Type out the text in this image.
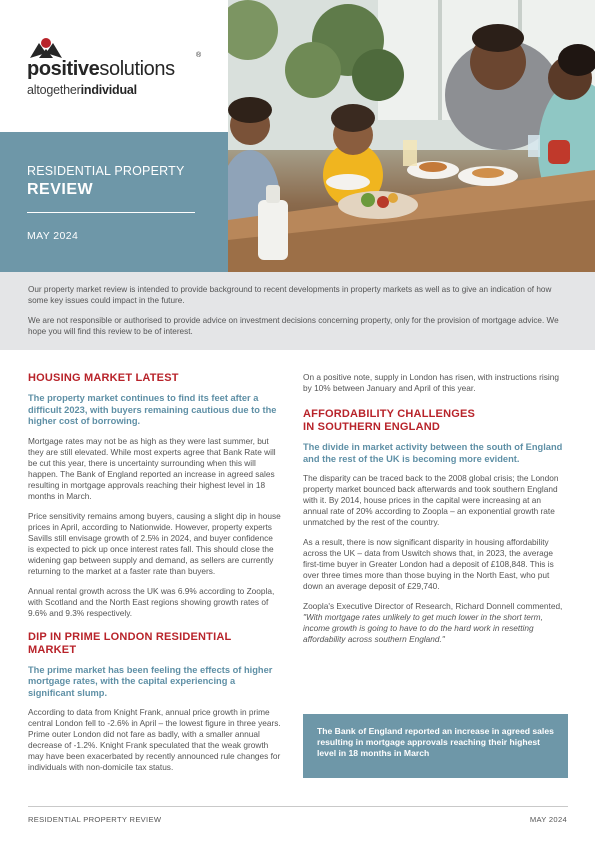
positivesolutions
®
altogetherindividual
RESIDENTIAL PROPERTY
REVIEW
MAY 2024

Our property market review is intended to provide background to recent developments in property markets as well as to give an indication of how some key issues could impact in the future.

We are not responsible or authorised to provide advice on investment decisions concerning property, only for the provision of mortgage advice. We hope you will find this review to be of interest.

HOUSING MARKET LATEST

The property market continues to find its feet after a difficult 2023, with buyers remaining cautious due to the higher cost of borrowing.

Mortgage rates may not be as high as they were last summer, but they are still elevated. While most experts agree that Bank Rate will be cut this year, there is uncertainty surrounding when this will happen. The Bank of England reported an increase in agreed sales resulting in mortgage approvals reaching their highest level in 18 months in March.

Price sensitivity remains among buyers, causing a slight dip in house prices in April, according to Nationwide. However, property experts Savills still envisage growth of 2.5% in 2024, and buyer confidence is expected to pick up once interest rates fall. This should close the widening gap between supply and demand, as sellers are currently returning to the market at a faster rate than buyers.

Annual rental growth across the UK was 6.9% according to Zoopla, with Scotland and the North East regions showing growth rates of 9.6% and 9.3% respectively.

DIP IN PRIME LONDON RESIDENTIAL MARKET

The prime market has been feeling the effects of higher mortgage rates, with the capital experiencing a significant slump.

According to data from Knight Frank, annual price growth in prime central London fell to -2.6% in April – the lowest figure in three years. Prime outer London did not fare as badly, with a smaller annual decrease of -1.2%. Knight Frank speculated that the weak growth may have been exacerbated by recently announced rule changes for individuals with non-domicile tax status.

On a positive note, supply in London has risen, with instructions rising by 10% between January and April of this year.

AFFORDABILITY CHALLENGES
IN SOUTHERN ENGLAND

The divide in market activity between the south of England and the rest of the UK is becoming more evident.

The disparity can be traced back to the 2008 global crisis; the London property market bounced back afterwards and took southern England with it. By 2014, house prices in the capital were increasing at an annual rate of 20% according to Zoopla – an exponential growth rate unmatched by the rest of the country.

As a result, there is now significant disparity in housing affordability across the UK – data from Uswitch shows that, in 2023, the average first-time buyer in Greater London had a deposit of £108,848. This is over three times more than those buying in the North East, who put down an average deposit of £29,740.

Zoopla's Executive Director of Research, Richard Donnell commented, "With mortgage rates unlikely to get much lower in the short term, income growth is going to have to do the hard work in resetting affordability across southern England."

The Bank of England reported an increase in agreed sales resulting in mortgage approvals reaching their highest level in 18 months in March
RESIDENTIAL PROPERTY REVIEW	MAY 2024
